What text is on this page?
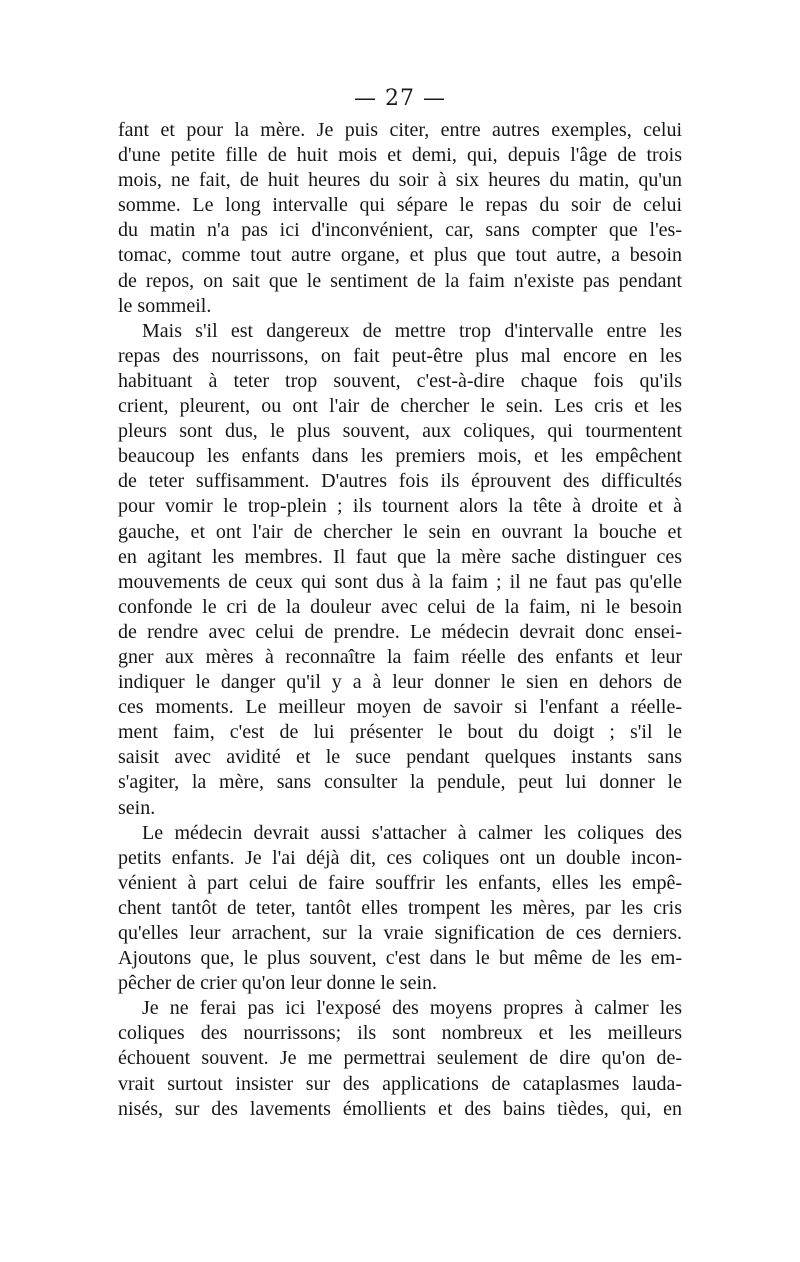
— 27 —
fant et pour la mère. Je puis citer, entre autres exemples, celui
d'une petite fille de huit mois et demi, qui, depuis l'âge de trois
mois, ne fait, de huit heures du soir à six heures du matin, qu'un
somme. Le long intervalle qui sépare le repas du soir de celui
du matin n'a pas ici d'inconvénient, car, sans compter que l'es-
tomac, comme tout autre organe, et plus que tout autre, a besoin
de repos, on sait que le sentiment de la faim n'existe pas pendant
le sommeil.
Mais s'il est dangereux de mettre trop d'intervalle entre les
repas des nourrissons, on fait peut-être plus mal encore en les
habituant à teter trop souvent, c'est-à-dire chaque fois qu'ils
crient, pleurent, ou ont l'air de chercher le sein. Les cris et les
pleurs sont dus, le plus souvent, aux coliques, qui tourmentent
beaucoup les enfants dans les premiers mois, et les empêchent
de teter suffisamment. D'autres fois ils éprouvent des difficultés
pour vomir le trop-plein ; ils tournent alors la tête à droite et à
gauche, et ont l'air de chercher le sein en ouvrant la bouche et
en agitant les membres. Il faut que la mère sache distinguer ces
mouvements de ceux qui sont dus à la faim ; il ne faut pas qu'elle
confonde le cri de la douleur avec celui de la faim, ni le besoin
de rendre avec celui de prendre. Le médecin devrait donc ensei-
gner aux mères à reconnaître la faim réelle des enfants et leur
indiquer le danger qu'il y a à leur donner le sien en dehors de
ces moments. Le meilleur moyen de savoir si l'enfant a réelle-
ment faim, c'est de lui présenter le bout du doigt ; s'il le
saisit avec avidité et le suce pendant quelques instants sans
s'agiter, la mère, sans consulter la pendule, peut lui donner le
sein.
Le médecin devrait aussi s'attacher à calmer les coliques des
petits enfants. Je l'ai déjà dit, ces coliques ont un double incon-
vénient à part celui de faire souffrir les enfants, elles les empê-
chent tantôt de teter, tantôt elles trompent les mères, par les cris
qu'elles leur arrachent, sur la vraie signification de ces derniers.
Ajoutons que, le plus souvent, c'est dans le but même de les em-
pêcher de crier qu'on leur donne le sein.
Je ne ferai pas ici l'exposé des moyens propres à calmer les
coliques des nourrissons; ils sont nombreux et les meilleurs
échouent souvent. Je me permettrai seulement de dire qu'on de-
vrait surtout insister sur des applications de cataplasmes lauda-
nisés, sur des lavements émollients et des bains tièdes, qui, en
